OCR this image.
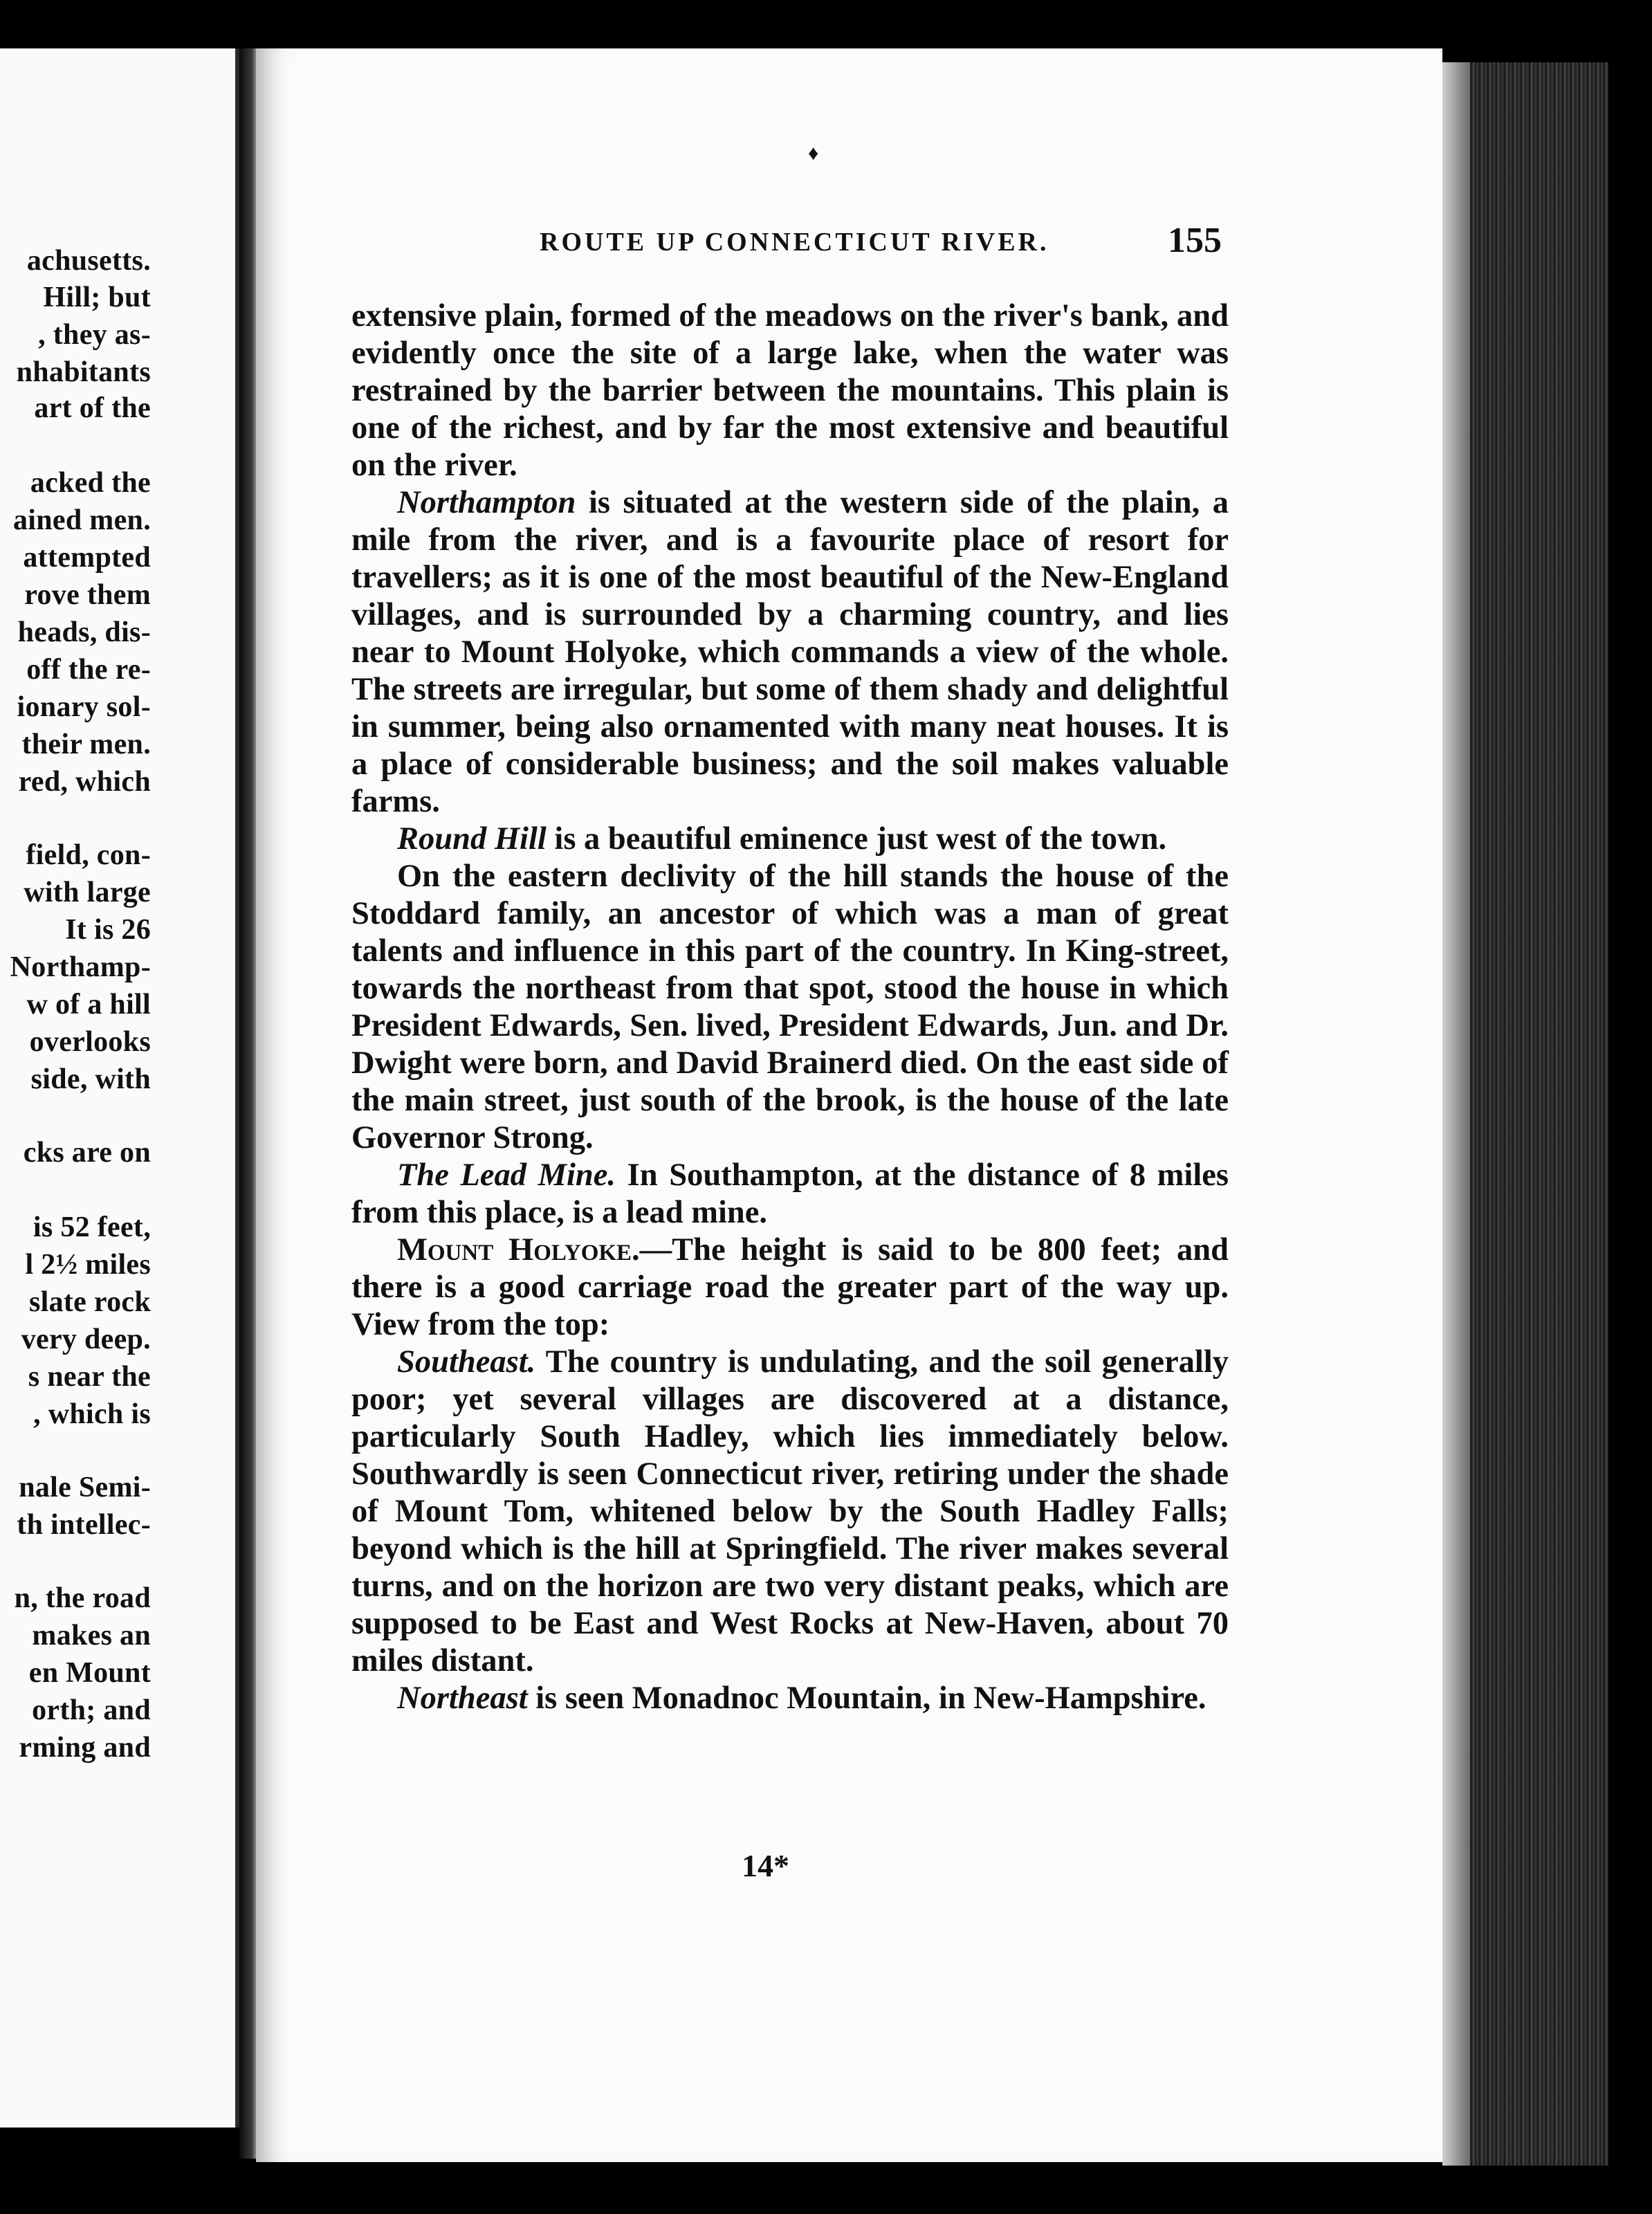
achusetts.
Hill; but
, they as-
nhabitants
art of the
acked the
ained men.
attempted
rove them
heads, dis-
off the re-
ionary sol-
their men.
red, which
field, con-
with large
It is 26
Northamp-
w of a hill
overlooks
side, with
cks are on
is 52 feet,
l 2½ miles
slate rock
very deep.
s near the
, which is
nale Semi-
th intellec-
n, the road
makes an
en Mount
orth; and
rming and
♦
ROUTE UP CONNECTICUT RIVER.	155

extensive plain, formed of the meadows on the river's bank, and evidently once the site of a large lake, when the water was restrained by the barrier between the mountains. This plain is one of the richest, and by far the most extensive and beautiful on the river.

Northampton is situated at the western side of the plain, a mile from the river, and is a favourite place of resort for travellers; as it is one of the most beautiful of the New-England villages, and is surrounded by a charming country, and lies near to Mount Holyoke, which commands a view of the whole. The streets are irregular, but some of them shady and delightful in summer, being also ornamented with many neat houses. It is a place of considerable business; and the soil makes valuable farms.

Round Hill is a beautiful eminence just west of the town.

On the eastern declivity of the hill stands the house of the Stoddard family, an ancestor of which was a man of great talents and influence in this part of the country. In King-street, towards the northeast from that spot, stood the house in which President Edwards, Sen. lived, President Edwards, Jun. and Dr. Dwight were born, and David Brainerd died. On the east side of the main street, just south of the brook, is the house of the late Governor Strong.

The Lead Mine. In Southampton, at the distance of 8 miles from this place, is a lead mine.

Mount Holyoke.—The height is said to be 800 feet; and there is a good carriage road the greater part of the way up. View from the top:

Southeast. The country is undulating, and the soil generally poor; yet several villages are discovered at a distance, particularly South Hadley, which lies immediately below. Southwardly is seen Connecticut river, retiring under the shade of Mount Tom, whitened below by the South Hadley Falls; beyond which is the hill at Springfield. The river makes several turns, and on the horizon are two very distant peaks, which are supposed to be East and West Rocks at New-Haven, about 70 miles distant.

Northeast is seen Monadnoc Mountain, in New-Hampshire.

14*
